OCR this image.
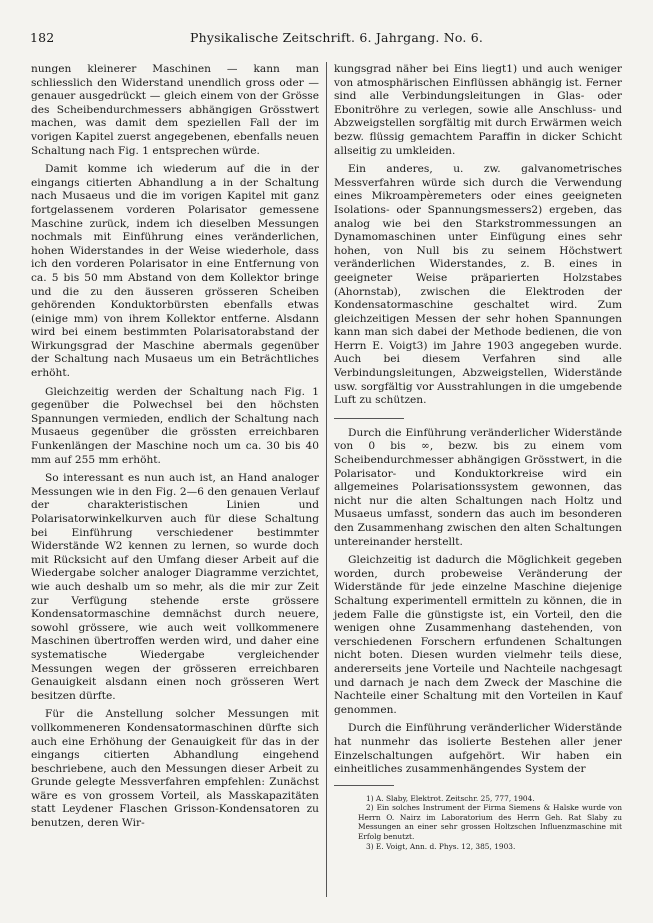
182	Physikalische Zeitschrift. 6. Jahrgang. No. 6.

nungen kleinerer Maschinen — kann man schliesslich den Widerstand unendlich gross oder — genauer ausgedrückt — gleich einem von der Grösse des Scheibendurchmessers abhängigen Grösstwert machen, was damit dem speziellen Fall der im vorigen Kapitel zuerst angegebenen, ebenfalls neuen Schaltung nach Fig. 1 entsprechen würde.

Damit komme ich wiederum auf die in der eingangs citierten Abhandlung a in der Schaltung nach Musaeus und die im vorigen Kapitel mit ganz fortgelassenem vorderen Polarisator gemessene Maschine zurück, indem ich dieselben Messungen nochmals mit Einführung eines veränderlichen, hohen Widerstandes in der Weise wiederhole, dass ich den vorderen Polarisator in eine Entfernung von ca. 5 bis 50 mm Abstand von dem Kollektor bringe und die zu den äusseren grösseren Scheiben gehörenden Konduktorbürsten ebenfalls etwas (einige mm) von ihrem Kollektor entferne. Alsdann wird bei einem bestimmten Polarisatorabstand der Wirkungsgrad der Maschine abermals gegenüber der Schaltung nach Musaeus um ein Beträchtliches erhöht.

Gleichzeitig werden der Schaltung nach Fig. 1 gegenüber die Polwechsel bei den höchsten Spannungen vermieden, endlich der Schaltung nach Musaeus gegenüber die grössten erreichbaren Funkenlängen der Maschine noch um ca. 30 bis 40 mm auf 255 mm erhöht.

So interessant es nun auch ist, an Hand analoger Messungen wie in den Fig. 2—6 den genauen Verlauf der charakteristischen Linien und Polarisatorwinkelkurven auch für diese Schaltung bei Einführung verschiedener bestimmter Widerstände W2 kennen zu lernen, so wurde doch mit Rücksicht auf den Umfang dieser Arbeit auf die Wiedergabe solcher analoger Diagramme verzichtet, wie auch deshalb um so mehr, als die mir zur Zeit zur Verfügung stehende erste grössere Kondensatormaschine demnächst durch neuere, sowohl grössere, wie auch weit vollkommenere Maschinen übertroffen werden wird, und daher eine systematische Wiedergabe vergleichender Messungen wegen der grösseren erreichbaren Genauigkeit alsdann einen noch grösseren Wert besitzen dürfte.

Für die Anstellung solcher Messungen mit vollkommeneren Kondensatormaschinen dürfte sich auch eine Erhöhung der Genauigkeit für das in der eingangs citierten Abhandlung eingehend beschriebene, auch den Messungen dieser Arbeit zu Grunde gelegte Messverfahren empfehlen: Zunächst wäre es von grossem Vorteil, als Masskapazitäten statt Leydener Flaschen Grisson-Kondensatoren zu benutzen, deren Wir-

kungsgrad näher bei Eins liegt1) und auch weniger von atmosphärischen Einflüssen abhängig ist. Ferner sind alle Verbindungsleitungen in Glas- oder Ebonitröhre zu verlegen, sowie alle Anschluss- und Abzweigstellen sorgfältig mit durch Erwärmen weich bezw. flüssig gemachtem Paraffin in dicker Schicht allseitig zu umkleiden.

Ein anderes, u. zw. galvanometrisches Messverfahren würde sich durch die Verwendung eines Mikroampèremeters oder eines geeigneten Isolations- oder Spannungsmessers2) ergeben, das analog wie bei den Starkstrommessungen an Dynamomaschinen unter Einfügung eines sehr hohen, von Null bis zu seinem Höchstwert veränderlichen Widerstandes, z. B. eines in geeigneter Weise präparierten Holzstabes (Ahornstab), zwischen die Elektroden der Kondensatormaschine geschaltet wird. Zum gleichzeitigen Messen der sehr hohen Spannungen kann man sich dabei der Methode bedienen, die von Herrn E. Voigt3) im Jahre 1903 angegeben wurde. Auch bei diesem Verfahren sind alle Verbindungsleitungen, Abzweigstellen, Widerstände usw. sorgfältig vor Ausstrahlungen in die umgebende Luft zu schützen.

Durch die Einführung veränderlicher Widerstände von 0 bis ∞, bezw. bis zu einem vom Scheibendurchmesser abhängigen Grösstwert, in die Polarisator- und Konduktorkreise wird ein allgemeines Polarisationssystem gewonnen, das nicht nur die alten Schaltungen nach Holtz und Musaeus umfasst, sondern das auch im besonderen den Zusammenhang zwischen den alten Schaltungen untereinander herstellt.

Gleichzeitig ist dadurch die Möglichkeit gegeben worden, durch probeweise Veränderung der Widerstände für jede einzelne Maschine diejenige Schaltung experimentell ermitteln zu können, die in jedem Falle die günstigste ist, ein Vorteil, den die wenigen ohne Zusammenhang dastehenden, von verschiedenen Forschern erfundenen Schaltungen nicht boten. Diesen wurden vielmehr teils diese, andererseits jene Vorteile und Nachteile nachgesagt und darnach je nach dem Zweck der Maschine die Nachteile einer Schaltung mit den Vorteilen in Kauf genommen.

Durch die Einführung veränderlicher Widerstände hat nunmehr das isolierte Bestehen aller jener Einzelschaltungen aufgehört. Wir haben ein einheitliches zusammenhängendes System der

1) A. Slaby, Elektrot. Zeitschr. 25, 777, 1904.
2) Ein solches Instrument der Firma Siemens & Halske wurde von Herrn O. Nairz im Laboratorium des Herrn Geh. Rat Slaby zu Messungen an einer sehr grossen Holtzschen Influenzmaschine mit Erfolg benutzt.
3) E. Voigt, Ann. d. Phys. 12, 385, 1903.
